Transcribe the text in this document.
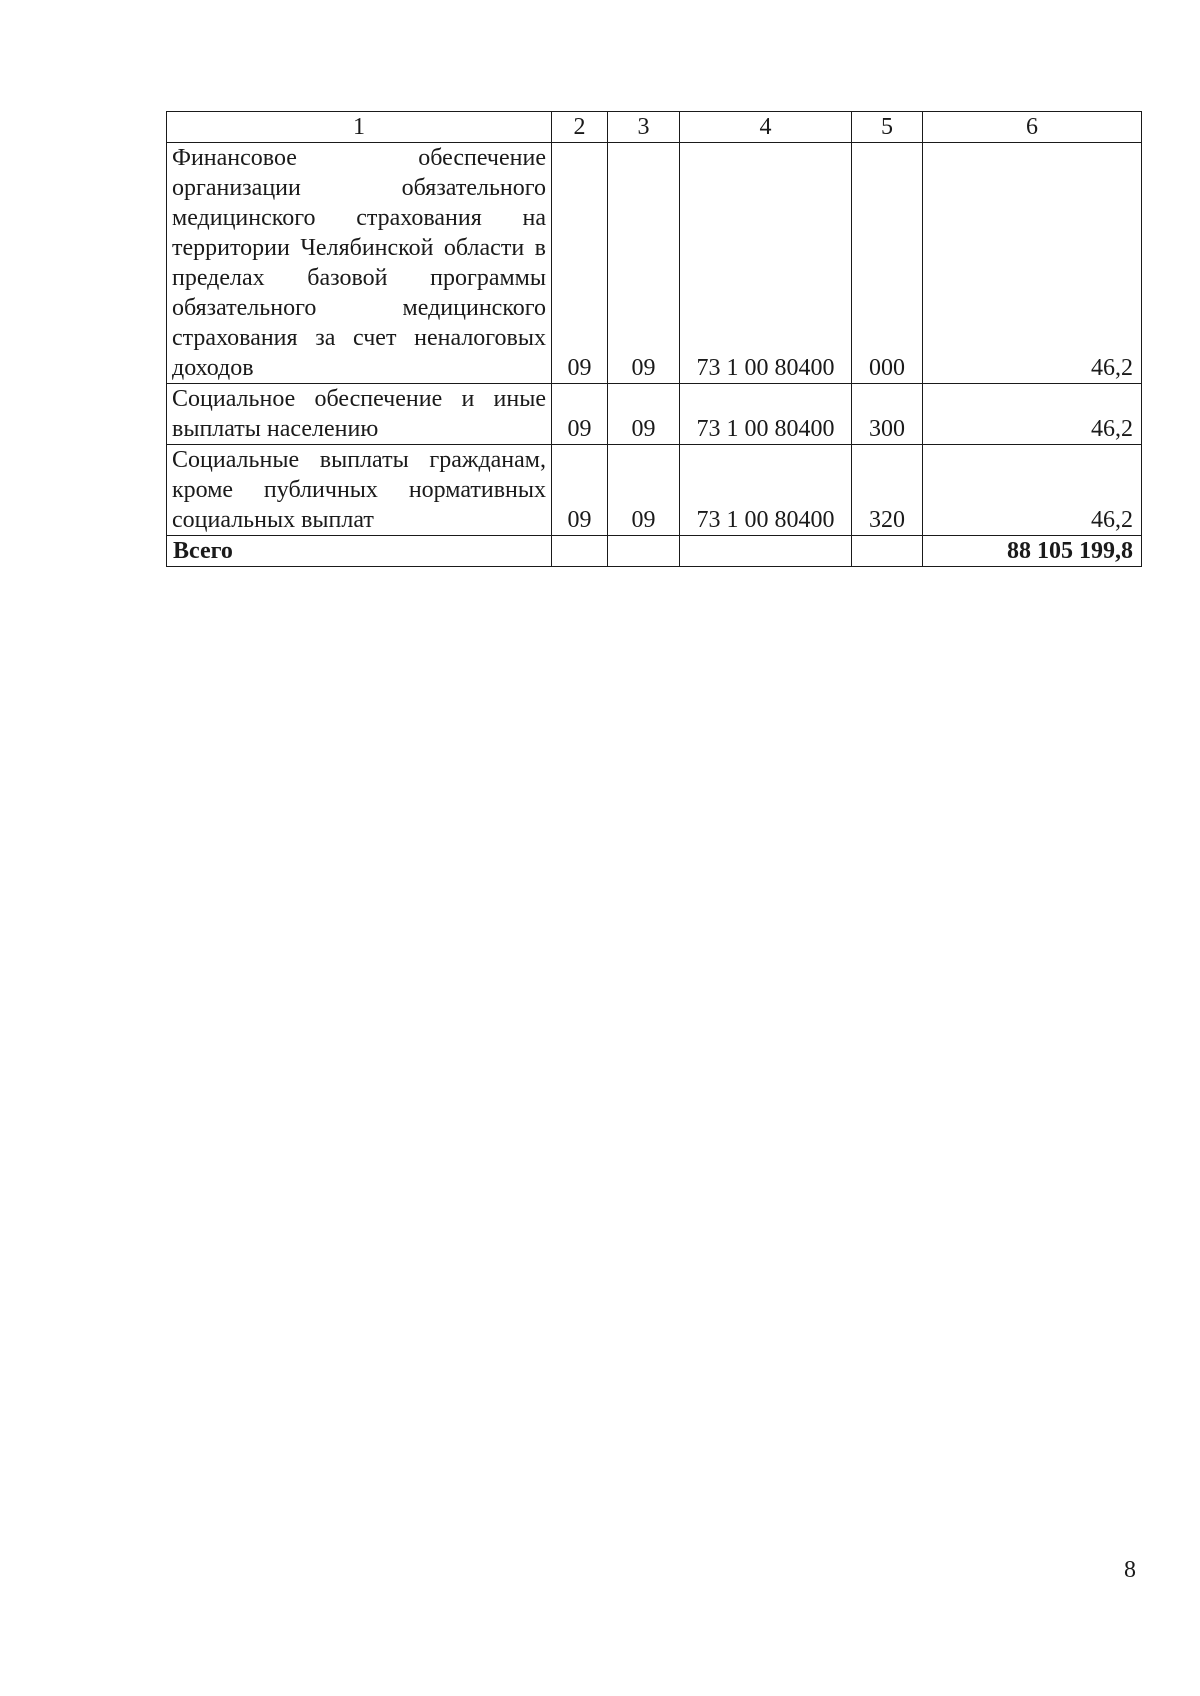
1	2	3	4	5	6
Финансовое обеспечение организации обязательного медицинского страхования на территории Челябинской области в пределах базовой программы обязательного медицинского страхования за счет неналоговых доходов	09	09	73 1 00 80400	000	46,2
Социальное обеспечение и иные выплаты населению	09	09	73 1 00 80400	300	46,2
Социальные выплаты гражданам, кроме публичных нормативных социальных выплат	09	09	73 1 00 80400	320	46,2
Всего					88 105 199,8
8
